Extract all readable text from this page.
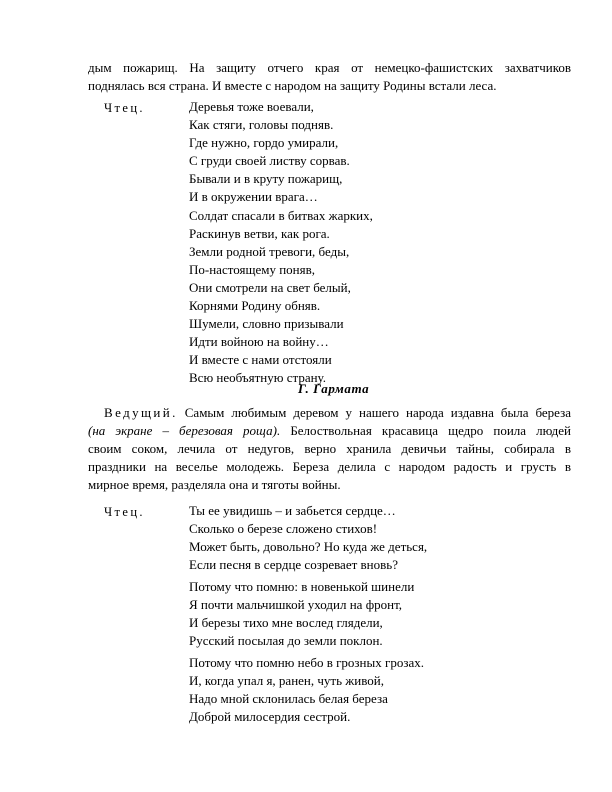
дым пожарищ. На защиту отчего края от немецко-фашистских захватчиков
поднялась вся страна. И вместе с народом на защиту Родины встали леса.

Чтец.	Деревья тоже воевали,
Как стяги, головы подняв.
Где нужно, гордо умирали,
С груди своей листву сорвав.
Бывали и в круту пожарищ,
И в окружении врага…
Солдат спасали в битвах жарких,
Раскинув ветви, как рога.
Земли родной тревоги, беды,
По-настоящему поняв,
Они смотрели на свет белый,
Корнями Родину обняв.
Шумели, словно призывали
Идти войною на войну…
И вместе с нами отстояли
Всю необъятную страну.
Г. Гармата

Ведущий. Самым любимым деревом у нашего народа издавна была береза
(на экране – березовая роща). Белоствольная красавица щедро поила людей
своим соком, лечила от недугов, верно хранила девичьи тайны, собирала в
праздники на веселье молодежь. Береза делила с народом радость и грусть в
мирное время, разделяла она и тяготы войны.

Чтец.	Ты ее увидишь – и забьется сердце…
Сколько о березе сложено стихов!
Может быть, довольно? Но куда же деться,
Если песня в сердце созревает вновь?
Потому что помню: в новенькой шинели
Я почти мальчишкой уходил на фронт,
И березы тихо мне вослед глядели,
Русский посылая до земли поклон.
Потому что помню небо в грозных грозах.
И, когда упал я, ранен, чуть живой,
Надо мной склонилась белая береза
Доброй милосердия сестрой.
